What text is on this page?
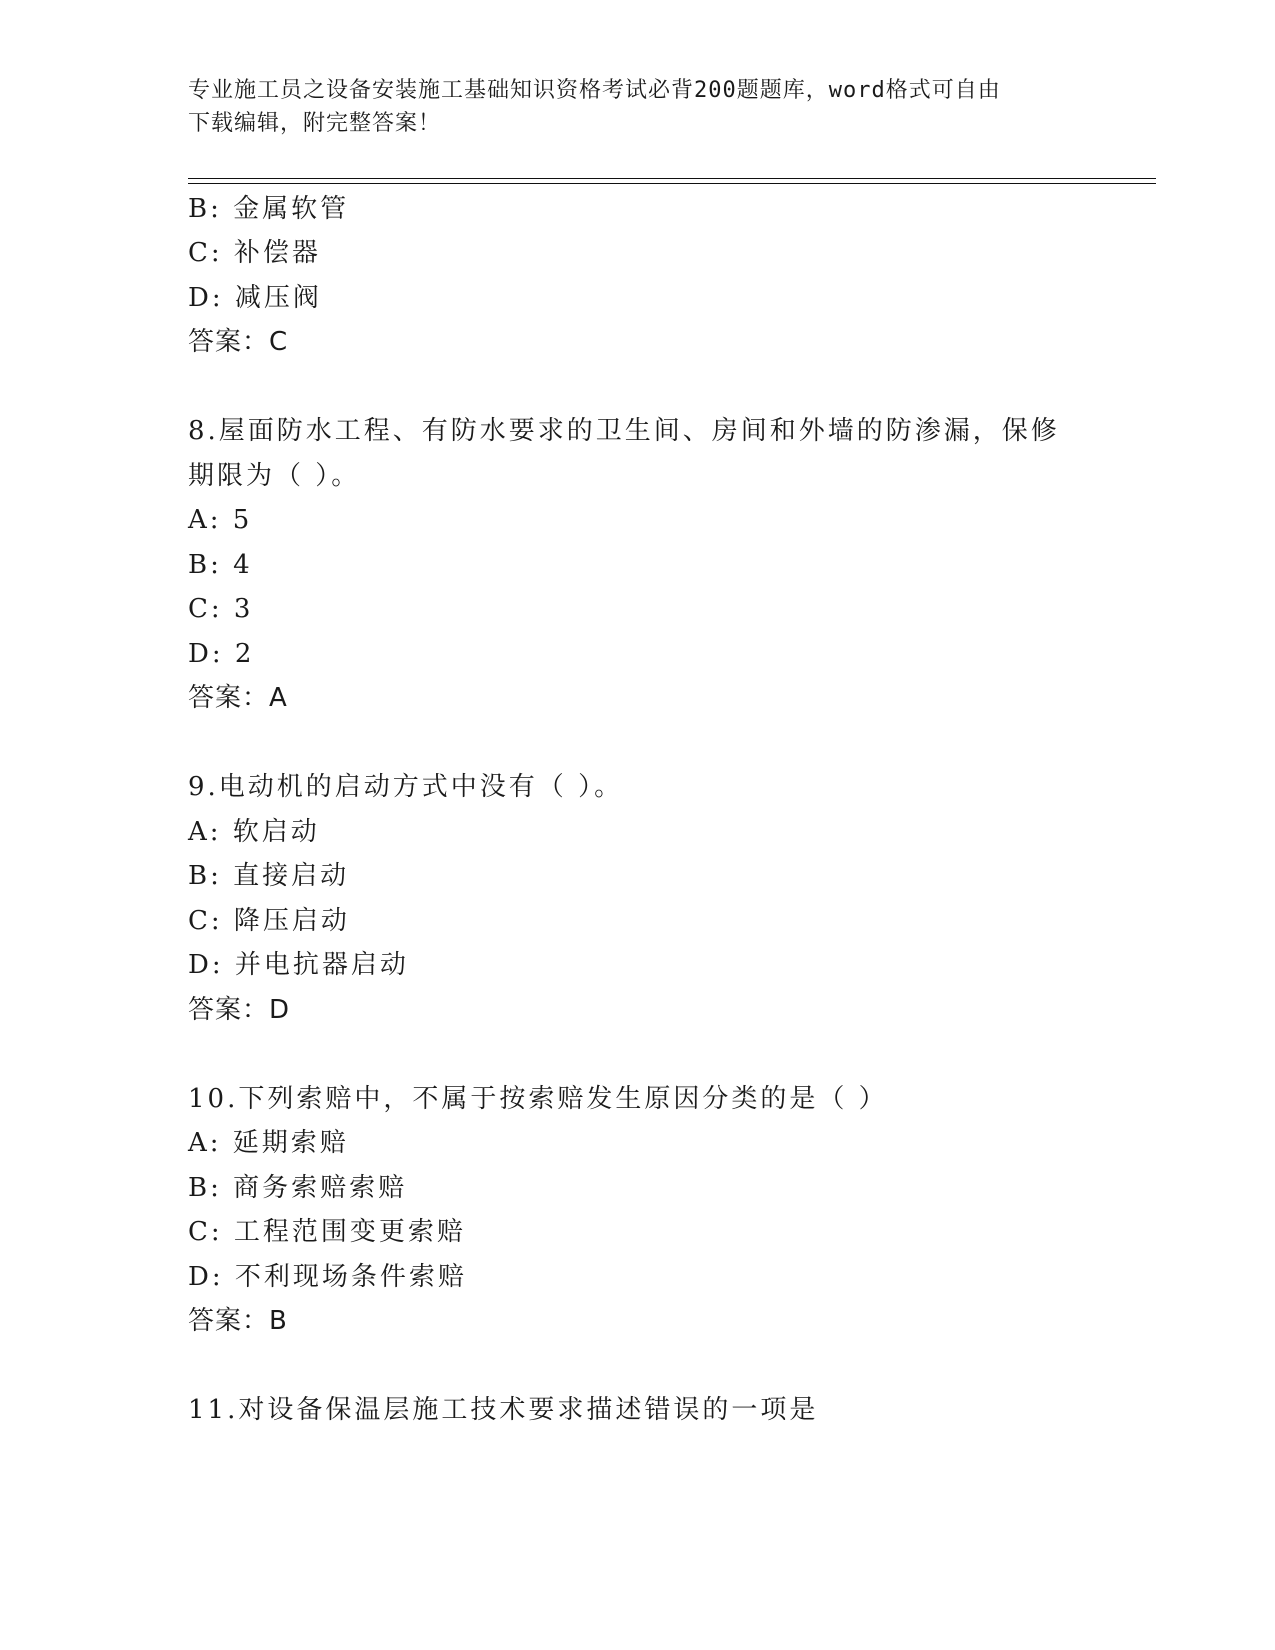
专业施工员之设备安装施工基础知识资格考试必背200题题库，word格式可自由
下载编辑，附完整答案！
B: 金属软管
C: 补偿器
D: 减压阀
答案：C
8.屋面防水工程、有防水要求的卫生间、房间和外墙的防渗漏，保修
期限为（ ）。
A: 5
B: 4
C: 3
D: 2
答案：A
9.电动机的启动方式中没有（ ）。
A: 软启动
B: 直接启动
C: 降压启动
D: 并电抗器启动
答案：D
10.下列索赔中，不属于按索赔发生原因分类的是（ ）
A: 延期索赔
B: 商务索赔索赔
C: 工程范围变更索赔
D: 不利现场条件索赔
答案：B
11.对设备保温层施工技术要求描述错误的一项是
